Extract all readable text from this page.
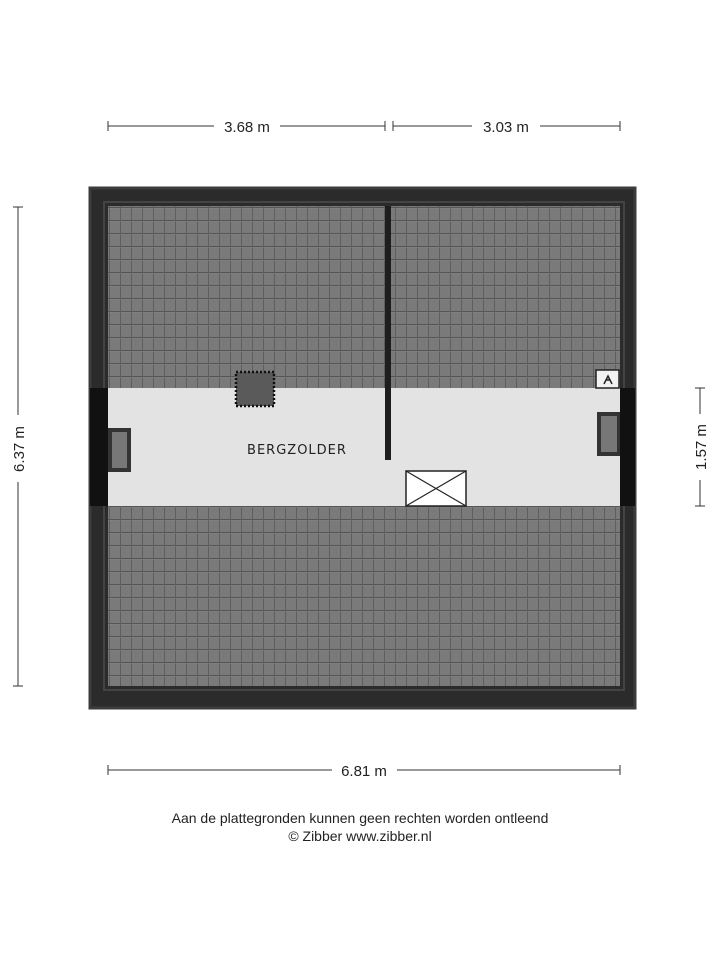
BERGZOLDER
3.68 m	3.03 m
6.37 m	1.57 m
6.81 m
Aan de plattegronden kunnen geen rechten worden ontleend
© Zibber www.zibber.nl
